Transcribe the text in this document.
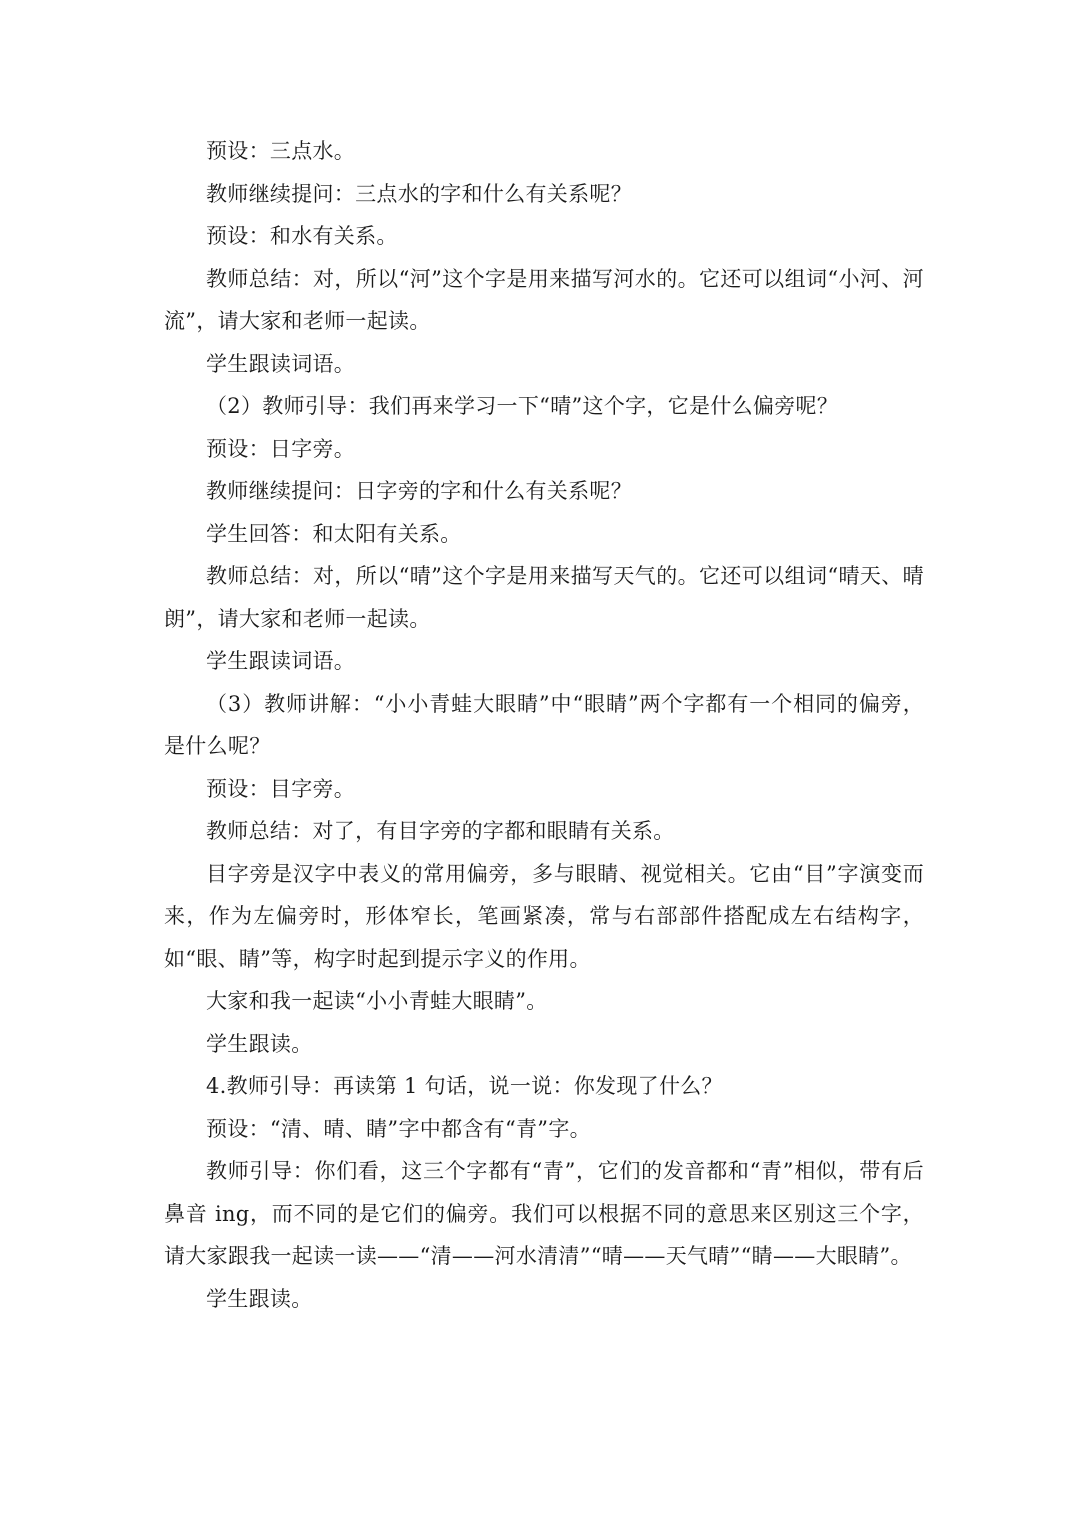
预设：三点水。

教师继续提问：三点水的字和什么有关系呢？

预设：和水有关系。

教师总结：对，所以“河”这个字是用来描写河水的。它还可以组词“小河、河流”，请大家和老师一起读。

学生跟读词语。

（2）教师引导：我们再来学习一下“晴”这个字，它是什么偏旁呢？

预设：日字旁。

教师继续提问：日字旁的字和什么有关系呢？

学生回答：和太阳有关系。

教师总结：对，所以“晴”这个字是用来描写天气的。它还可以组词“晴天、晴朗”，请大家和老师一起读。

学生跟读词语。

（3）教师讲解：“小小青蛙大眼睛”中“眼睛”两个字都有一个相同的偏旁，是什么呢？

预设：目字旁。

教师总结：对了，有目字旁的字都和眼睛有关系。

目字旁是汉字中表义的常用偏旁，多与眼睛、视觉相关。它由“目”字演变而来，作为左偏旁时，形体窄长，笔画紧凑，常与右部部件搭配成左右结构字，如“眼、睛”等，构字时起到提示字义的作用。

大家和我一起读“小小青蛙大眼睛”。

学生跟读。

4.教师引导：再读第 1 句话，说一说：你发现了什么？

预设：“清、晴、睛”字中都含有“青”字。

教师引导：你们看，这三个字都有“青”，它们的发音都和“青”相似，带有后鼻音 ing，而不同的是它们的偏旁。我们可以根据不同的意思来区别这三个字，请大家跟我一起读一读——“清——河水清清”“晴——天气晴”“睛——大眼睛”。

学生跟读。
